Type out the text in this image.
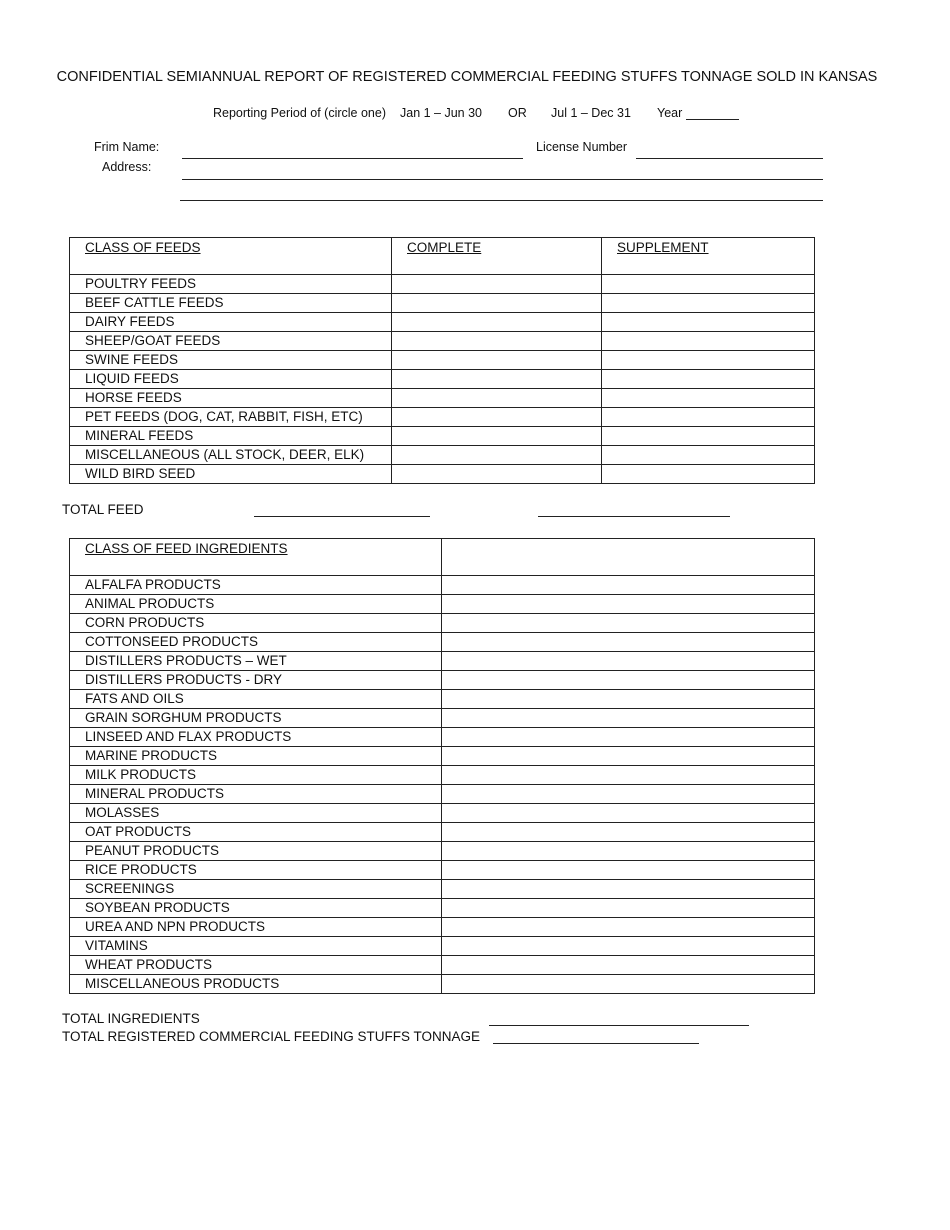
CONFIDENTIAL SEMIANNUAL REPORT OF REGISTERED COMMERCIAL FEEDING STUFFS TONNAGE SOLD IN KANSAS
Reporting Period of (circle one) Jan 1 – Jun 30 OR Jul 1 – Dec 31 Year
Frim Name:	License Number
Address:
CLASS OF FEEDS	COMPLETE	SUPPLEMENT
POULTRY FEEDS		
BEEF CATTLE FEEDS		
DAIRY FEEDS		
SHEEP/GOAT FEEDS		
SWINE FEEDS		
LIQUID FEEDS		
HORSE FEEDS		
PET FEEDS (DOG, CAT, RABBIT, FISH, ETC)		
MINERAL FEEDS		
MISCELLANEOUS (ALL STOCK, DEER, ELK)		
WILD BIRD SEED		
TOTAL FEED
CLASS OF FEED INGREDIENTS	
ALFALFA PRODUCTS	
ANIMAL PRODUCTS	
CORN PRODUCTS	
COTTONSEED PRODUCTS	
DISTILLERS PRODUCTS – WET	
DISTILLERS PRODUCTS - DRY	
FATS AND OILS	
GRAIN SORGHUM PRODUCTS	
LINSEED AND FLAX PRODUCTS	
MARINE PRODUCTS	
MILK PRODUCTS	
MINERAL PRODUCTS	
MOLASSES	
OAT PRODUCTS	
PEANUT PRODUCTS	
RICE PRODUCTS	
SCREENINGS	
SOYBEAN PRODUCTS	
UREA AND NPN PRODUCTS	
VITAMINS	
WHEAT PRODUCTS	
MISCELLANEOUS PRODUCTS	
TOTAL INGREDIENTS
TOTAL REGISTERED COMMERCIAL FEEDING STUFFS TONNAGE
